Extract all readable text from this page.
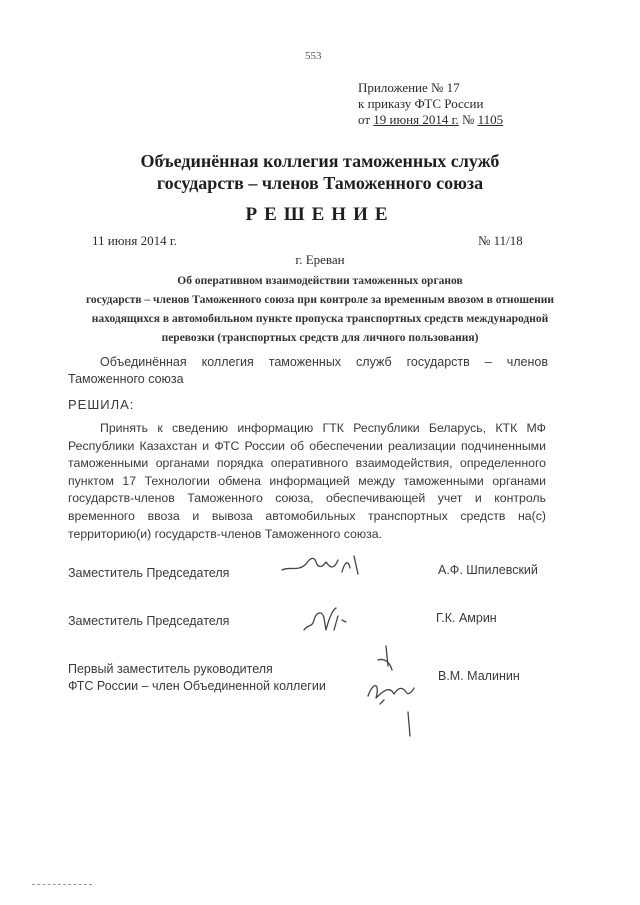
553
Приложение № 17
к приказу ФТС России
от 19 июня 2014 г. № 1105
Объединённая коллегия таможенных служб
государств – членов Таможенного союза
РЕШЕНИЕ
11 июня 2014 г.	№ 11/18
г. Ереван
Об оперативном взаимодействии таможенных органов
государств – членов Таможенного союза при контроле за временным ввозом в отношении
находящихся в автомобильном пункте пропуска транспортных средств международной
перевозки (транспортных средств для личного пользования)
Объединённая коллегия таможенных служб государств – членов Таможенного союза
РЕШИЛА:
Принять к сведению информацию ГТК Республики Беларусь, КТК МФ Республики Казахстан и ФТС России об обеспечении реализации подчиненными таможенными органами порядка оперативного взаимодействия, определенного пунктом 17 Технологии обмена информацией между таможенными органами государств-членов Таможенного союза, обеспечивающей учет и контроль временного ввоза и вывоза автомобильных транспортных средств на(с) территорию(и) государств-членов Таможенного союза.
Заместитель Председателя	А.Ф. Шпилевский
Заместитель Председателя	Г.К. Амрин
Первый заместитель руководителя
ФТС России – член Объединенной коллегии
В.М. Малинин
